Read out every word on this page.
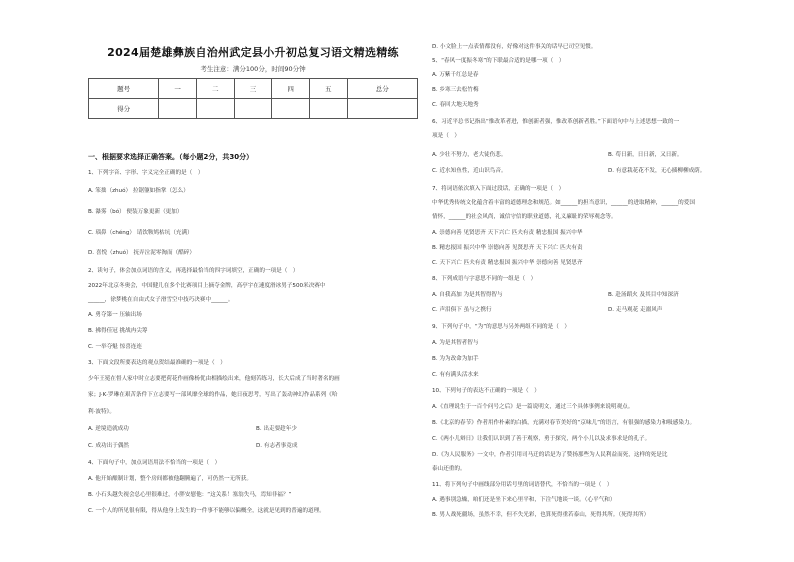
2024届楚雄彝族自治州武定县小升初总复习语文精选精练
考生注意：满分100分，时间90分钟
题号	一	二	三	四	五	总分
得分						
一、根据要求选择正确答案。（每小题2分，共30分）
1、下列字音、字形、字义完全正确的是（　）
A. 笨拙（zhuó） 拉锯躯如指掌（怎么）
B. 瀑雾（bó） 便装万象更新（更加）
C. 瑙鼻（chéng） 请饮鞍鸠枯坑（充满）
D. 喜悦（zhuó） 抚弄泣泥零淘而（酷碎）
2、读句子，体会加点词语的含义，再选择最恰当的四字词填空，正确的一项是（　）
2022年北京冬奥会，中国健儿在多个比赛项目上摘夺金牌，高亭宇在速度滑冰男子500米决赛中
______，徐梦桃在自由式女子滑雪空中技巧决赛中______。
A. 勇夺第一 压轴出场
B. 拂得佳冠 挑战冉尖筹
C. 一举夺魁 惊喜连连
3、下面文段所要表达的观点贺结最准确的一项是（　）
少年王冕在督人家中时立志要把荷花作画像杨优由相描绘出来，他刻苦练习，长大后成了当时著名的画
家；J·K·罗琳在艰苦条件下立志要写一部风靡全球的作品，她日夜思考，写出了轰动神幻作品系列《哈
利·波特》。
A. 逆境造就成功	B. 出走要趁年少
C. 成功出于偶然	D. 有志者事竟成
4、下面句子中，加点词语用法不恰当的一项是（　）
A. 他开始酿制计划，整个房间都被他翻腾遍了，可仍然一无所获。
B. 小石头越失视会总心里很难过，小胖安慰他：“这关系！塞翁失马，焉知非福？”
C. 一个人的所见很有限，得从他身上发生的一件事不能够以偏概全，这就是见到的普遍的道理。
D. 小文脸上一点表情都没有，好像对这件事关的话早已司空见惯。
5、“春风一度振冬寒”的下联最合适的是哪一项（　）
A. 万紫千红总是春
B. 乡寒三去松竹梅
C. 春回大地天地秀
6、习近平总书记指出“惟改革者进，惟创新者强，惟改革创新者胜。”下面语句中与上述思想一致的一
项是（　）
A. 少壮不努力，老大徒伤悲。	B. 苟日新，日日新，又日新。
C. 近水知鱼性，近山识鸟音。	D. 有意栽花花不发，无心插柳柳成荫。
7、将词语依次填入下面过段话，正确的一项是（　）
中华优秀传统文化蕴含着丰富的道德理念和规范。如______的担当意识，______的进取精神，______的爱国
情怀，______的社会风尚，诚信守信的职业道德，礼义廉耻的荣辱观念等。
A. 崇德向善 见贤思齐 天下兴亡 匹夫有责 精忠报国 振兴中华
B. 精忠报国 振兴中华 崇德向善 见贤思齐 天下兴亡 匹夫有责
C. 天下兴亡 匹夫有责 精忠报国 振兴中华 崇德向善 见贤思齐
8、下列成语与字意思不同的一组是（　）
A. 自我高加 为是其智得智与	B. 赴汤蹈火 及其目中知深济
C. 声泪俱下 虽与之携行	D. 走马观花 走溺风声
9、下列句子中，“为”的意思与另外两组不同的是（　）
A. 为是其智者智与
B. 为为改命为加手
C. 有有满头活水来
10、下列句子的表达不正确的一项是（　）
A.《直理说生于一百个问号之后》是一篇说明文，通过三个具体事例来说明观点。
B.《北京的春节》作者用作朴素的白描，充满对春节美好的“京味儿”的语言，有很强的感染力和吸感染力。
C.《两小儿辩日》让我们认识到了善于观察，勇于探究，两个小儿以及求事求是的孔子。
D.《为人民服务》一文中，作者引用司马迁的话是为了赞扬那些为人民利益而死，这样的死是比
泰山还重的。
11、将下列句子中画线部分用话号里的词语替代，不恰当的一项是（　）
A. 遇事别急燥，咱们还是坐下来心里平和，下注气地谈一谈。（心平气和）
B. 男人战死疆场，虽然不幸，但不失光彩，也算死得重若泰山，死得其所。（死得其所）
